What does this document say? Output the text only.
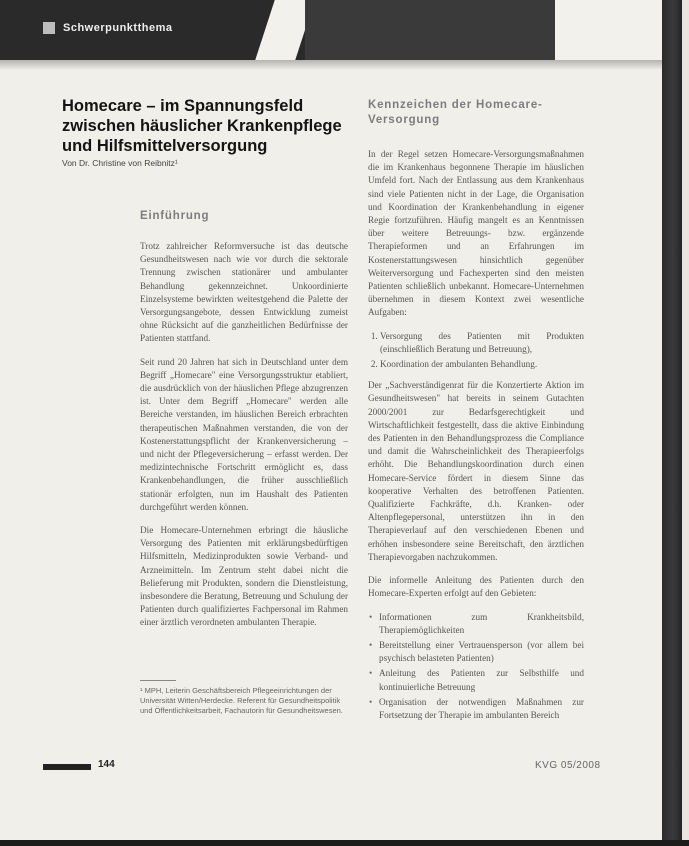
Schwerpunktthema
Homecare – im Spannungsfeld zwischen häuslicher Krankenpflege und Hilfsmittelversorgung
Von Dr. Christine von Reibnitz¹
Einführung

Trotz zahlreicher Reformversuche ist das deutsche Gesundheitswesen nach wie vor durch die sektorale Trennung zwischen stationärer und ambulanter Behandlung gekennzeichnet. Unkoordinierte Einzelsysteme bewirkten weitestgehend die Palette der Versorgungsangebote, dessen Entwicklung zumeist ohne Rücksicht auf die ganzheitlichen Bedürfnisse der Patienten stattfand.

Seit rund 20 Jahren hat sich in Deutschland unter dem Begriff „Homecare" eine Versorgungsstruktur etabliert, die ausdrücklich von der häuslichen Pflege abzugrenzen ist. Unter dem Begriff „Homecare" werden alle Bereiche verstanden, im häuslichen Bereich erbrachten therapeutischen Maßnahmen verstanden, die von der Kostenerstattungspflicht der Krankenversicherung – und nicht der Pflegeversicherung – erfasst werden. Der medizintechnische Fortschritt ermöglicht es, dass Krankenbehandlungen, die früher ausschließlich stationär erfolgten, nun im Haushalt des Patienten durchgeführt werden können.

Die Homecare-Unternehmen erbringt die häusliche Versorgung des Patienten mit erklärungsbedürftigen Hilfsmitteln, Medizinprodukten sowie Verband- und Arzneimitteln. Im Zentrum steht dabei nicht die Belieferung mit Produkten, sondern die Dienstleistung, insbesondere die Beratung, Betreuung und Schulung der Patienten durch qualifiziertes Fachpersonal im Rahmen einer ärztlich verordneten ambulanten Therapie.

¹ MPH, Leiterin Geschäftsbereich Pflegeeinrichtungen der Universität Witten/Herdecke. Referent für Gesundheitspolitik und Öffentlichkeitsarbeit, Fachautorin für Gesundheitswesen.
Kennzeichen der Homecare-Versorgung

In der Regel setzen Homecare-Versorgungsmaßnahmen die im Krankenhaus begonnene Therapie im häuslichen Umfeld fort. Nach der Entlassung aus dem Krankenhaus sind viele Patienten nicht in der Lage, die Organisation und Koordination der Krankenbehandlung in eigener Regie fortzuführen. Häufig mangelt es an Kenntnissen über weitere Betreuungs- bzw. ergänzende Therapieformen und an Erfahrungen im Kostenerstattungswesen hinsichtlich gegenüber Weiterversorgung und Fachexperten sind den meisten Patienten schließlich unbekannt. Homecare-Unternehmen übernehmen in diesem Kontext zwei wesentliche Aufgaben:

1. Versorgung des Patienten mit Produkten (einschließlich Beratung und Betreuung),
2. Koordination der ambulanten Behandlung.

Der „Sachverständigenrat für die Konzertierte Aktion im Gesundheitswesen" hat bereits in seinem Gutachten 2000/2001 zur Bedarfsgerechtigkeit und Wirtschaftlichkeit festgestellt, dass die aktive Einbindung des Patienten in den Behandlungsprozess die Compliance und damit die Wahrscheinlichkeit des Therapieerfolgs erhöht. Die Behandlungskoordination durch einen Homecare-Service fördert in diesem Sinne das kooperative Verhalten des betroffenen Patienten. Qualifizierte Fachkräfte, d.h. Kranken- oder Altenpflegepersonal, unterstützen ihn in den Therapieverlauf auf den verschiedenen Ebenen und erhöhen insbesondere seine Bereitschaft, den ärztlichen Therapievorgaben nachzukommen.

Die informelle Anleitung des Patienten durch den Homecare-Experten erfolgt auf den Gebieten:

• Informationen zum Krankheitsbild, Therapiemöglichkeiten
• Bereitstellung einer Vertrauensperson (vor allem bei psychisch belasteten Patienten)
• Anleitung des Patienten zur Selbsthilfe und kontinuierliche Betreuung
• Organisation der notwendigen Maßnahmen zur Fortsetzung der Therapie im ambulanten Bereich
144	KVG 05/2008
